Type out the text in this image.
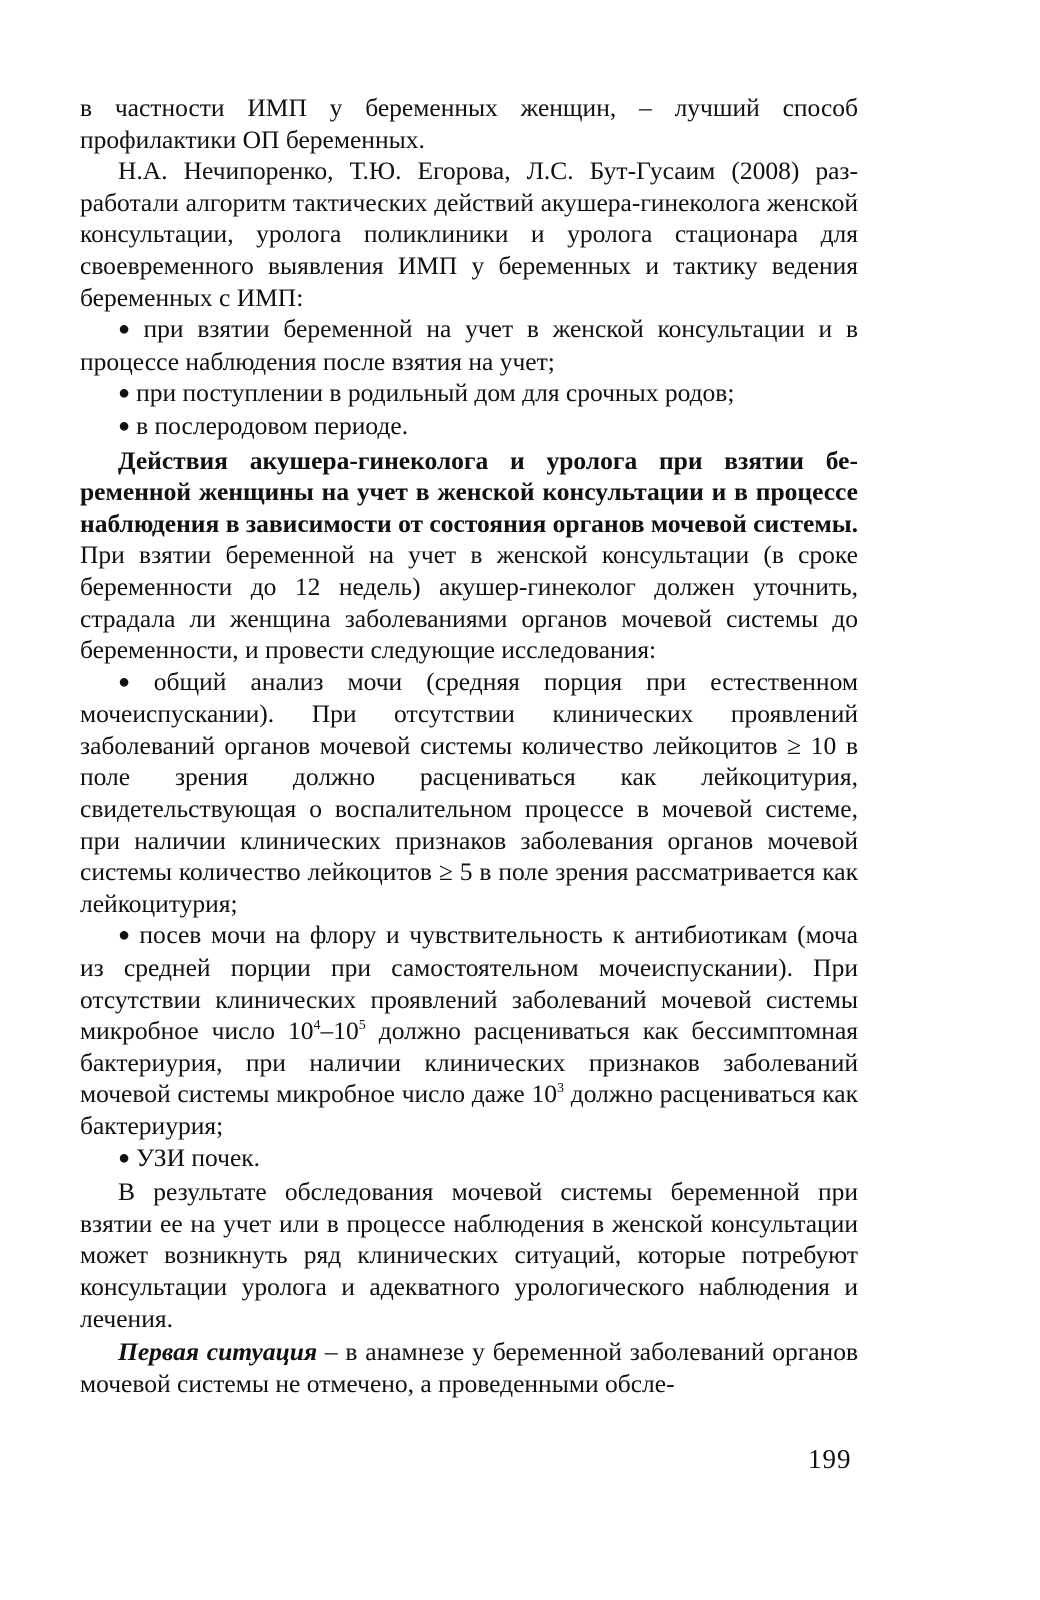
в частности ИМП у беременных женщин, – лучший способ профилактики ОП беременных.

Н.А. Нечипоренко, Т.Ю. Егорова, Л.С. Бут-Гусаим (2008) разработали алгоритм тактических действий акушера-гинеколога женской консультации, уролога поликлиники и уролога стационара для своевременного выявления ИМП у беременных и тактику ведения беременных с ИМП:

● при взятии беременной на учет в женской консультации и в процессе наблюдения после взятия на учет;

● при поступлении в родильный дом для срочных родов;

● в послеродовом периоде.

Действия акушера-гинеколога и уролога при взятии беременной женщины на учет в женской консультации и в процессе наблюдения в зависимости от состояния органов мочевой системы. При взятии беременной на учет в женской консультации (в сроке беременности до 12 недель) акушер-гинеколог должен уточнить, страдала ли женщина заболеваниями органов мочевой системы до беременности, и провести следующие исследования:

● общий анализ мочи (средняя порция при естественном мочеиспускании). При отсутствии клинических проявлений заболеваний органов мочевой системы количество лейкоцитов ≥ 10 в поле зрения должно расцениваться как лейкоцитурия, свидетельствующая о воспалительном процессе в мочевой системе, при наличии клинических признаков заболевания органов мочевой системы количество лейкоцитов ≥ 5 в поле зрения рассматривается как лейкоцитурия;

● посев мочи на флору и чувствительность к антибиотикам (моча из средней порции при самостоятельном мочеиспускании). При отсутствии клинических проявлений заболеваний мочевой системы микробное число $10^4-10^5$ должно расцениваться как бессимптомная бактериурия, при наличии клинических признаков заболеваний мочевой системы микробное число даже $10^3$ должно расцениваться как бактериурия;

● УЗИ почек.

В результате обследования мочевой системы беременной при взятии ее на учет или в процессе наблюдения в женской консультации может возникнуть ряд клинических ситуаций, которые потребуют консультации уролога и адекватного урологического наблюдения и лечения.

Первая ситуация – в анамнезе у беременной заболеваний органов мочевой системы не отмечено, а проведенными обсле-

199
